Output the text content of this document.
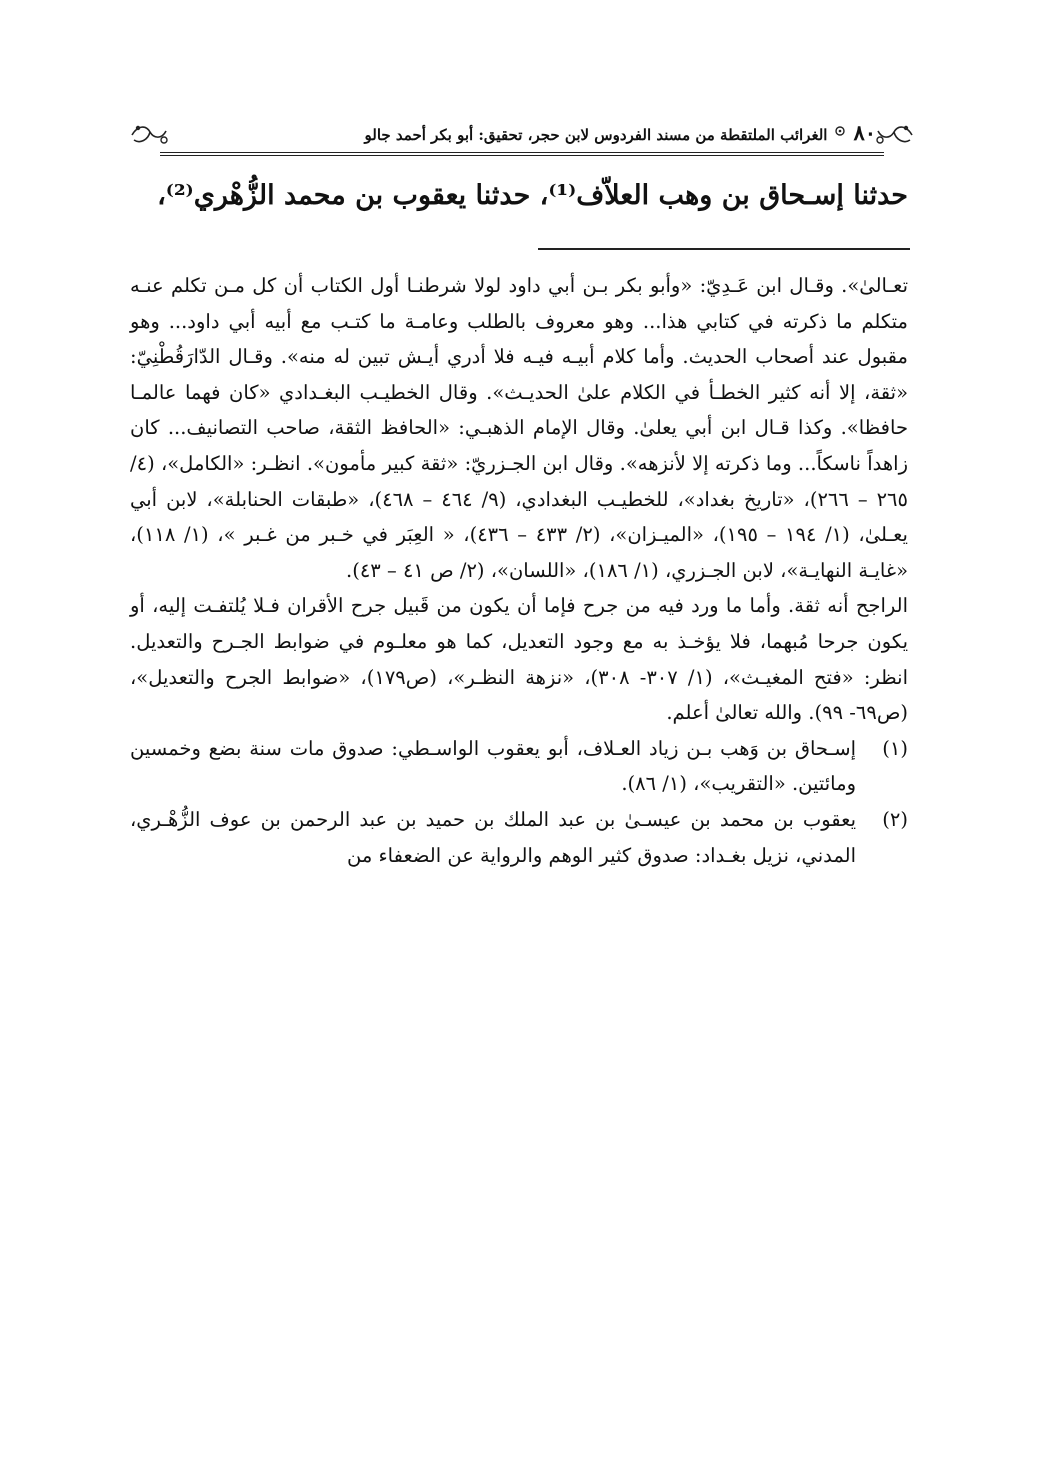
٨٠
الغرائب الملتقطة من مسند الفردوس لابن حجر، تحقيق: أبو بكر أحمد جالو
حدثنا إسـحاق بن وهب العلاّف⁽¹⁾، حدثنا يعقوب بن محمد الزُّهْري⁽²⁾،

تعـالىٰ». وقـال ابن عَـدِيّ: «وأبو بكر بـن أبي داود لولا شرطنـا أول الكتاب أن كل مـن تكلم عنـه متكلم ما ذكرته في كتابي هذا... وهو معروف بالطلب وعامـة ما كتـب مع أبيه أبي داود... وهو مقبول عند أصحاب الحديث. وأما كلام أبيـه فيـه فلا أدري أيـش تبين له منه». وقـال الدّارَقُطْنِيّ: «ثقة، إلا أنه كثير الخطـأ في الكلام علىٰ الحديـث». وقال الخطيـب البغـدادي «كان فهما عالمـا حافظا». وكذا قـال ابن أبي يعلىٰ. وقال الإمام الذهبـي: «الحافظ الثقة، صاحب التصانيف... كان زاهداً ناسكاً... وما ذكرته إلا لأنزهه». وقال ابن الجـزريّ: «ثقة كبير مأمون». انظـر: «الكامل»، (٤/ ٢٦٥ – ٢٦٦)، «تاريخ بغداد»، للخطيـب البغدادي، (٩/ ٤٦٤ – ٤٦٨)، «طبقات الحنابلة»، لابن أبي يعـلىٰ، (١/ ١٩٤ – ١٩٥)، «الميـزان»، (٢/ ٤٣٣ – ٤٣٦)، « العِبَر في خـبر من غـبر »، (١/ ١١٨)، «غايـة النهايـة»، لابن الجـزري، (١/ ١٨٦)، «اللسان»، (٢/ ص ٤١ – ٤٣).

الراجح أنه ثقة. وأما ما ورد فيه من جرح فإما أن يكون من قَبيل جرح الأقران فـلا يُلتفـت إليه، أو يكون جرحا مُبهما، فلا يؤخـذ به مع وجود التعديل، كما هو معلـوم في ضوابط الجـرح والتعديل. انظر: «فتح المغيـث»، (١/ ٣٠٧- ٣٠٨)، «نزهة النظـر»، (ص١٧٩)، «ضوابط الجرح والتعديل»، (ص٦٩- ٩٩). والله تعالىٰ أعلم.

(١)
إسـحاق بن وَهب بـن زياد العـلاف، أبو يعقوب الواسـطي: صدوق مات سنة بضع وخمسين ومائتين. «التقريب»، (١/ ٨٦).
(٢)
يعقوب بن محمد بن عيسـىٰ بن عبد الملك بن حميد بن عبد الرحمن بن عوف الزُّهْـري، المدني، نزيل بغـداد: صدوق كثير الوهم والرواية عن الضعفاء من
